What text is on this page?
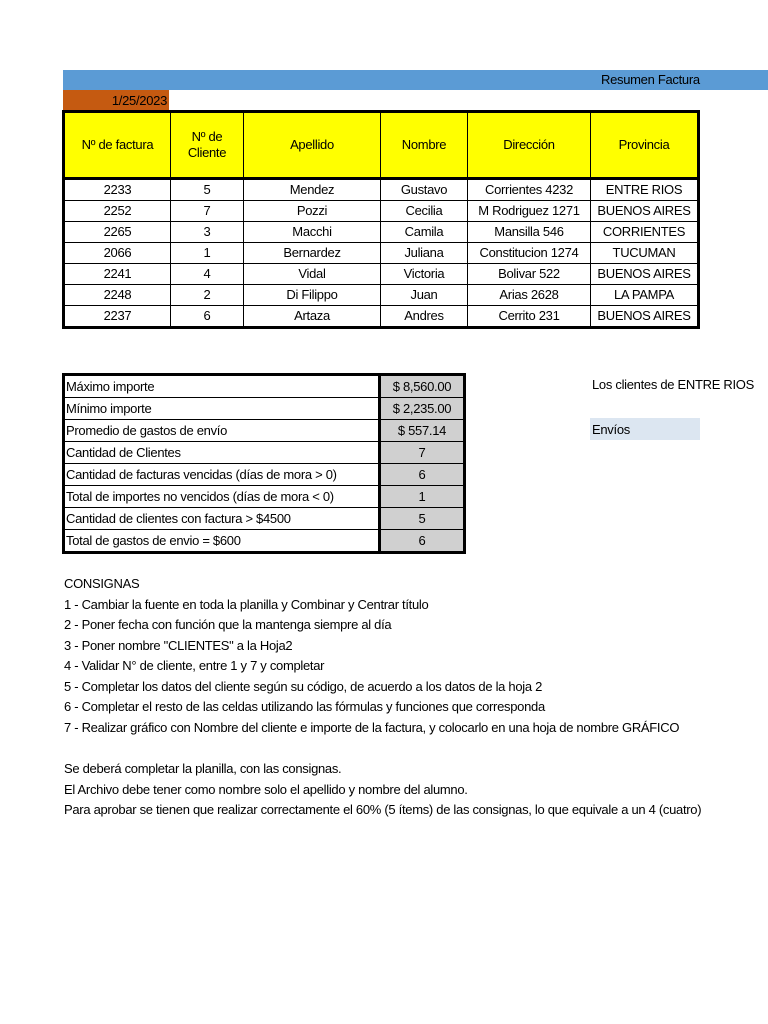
Resumen Factura
1/25/2023
Nº de factura	Nº de Cliente	Apellido	Nombre	Dirección	Provincia
2233	5	Mendez	Gustavo	Corrientes 4232	ENTRE RIOS
2252	7	Pozzi	Cecilia	M Rodriguez 1271	BUENOS AIRES
2265	3	Macchi	Camila	Mansilla 546	CORRIENTES
2066	1	Bernardez	Juliana	Constitucion 1274	TUCUMAN
2241	4	Vidal	Victoria	Bolivar 522	BUENOS AIRES
2248	2	Di Filippo	Juan	Arias 2628	LA PAMPA
2237	6	Artaza	Andres	Cerrito 231	BUENOS AIRES
Máximo importe	$ 8,560.00
Mínimo importe	$ 2,235.00
Promedio de gastos de envío	$ 557.14
Cantidad de Clientes	7
Cantidad de facturas vencidas (días de mora > 0)	6
Total de importes no vencidos (días de mora < 0)	1
Cantidad de clientes con factura > $4500	5
Total de gastos de envio = $600	6
Los clientes de ENTRE RIOS
Envíos
CONSIGNAS
1 - Cambiar la fuente en toda la planilla y Combinar y Centrar título
2 - Poner fecha con función que la mantenga siempre al día
3 - Poner nombre "CLIENTES" a la Hoja2
4 - Validar N° de cliente, entre 1 y 7 y completar
5 - Completar los datos del cliente según su código, de acuerdo a los datos de la hoja 2
6 - Completar el resto de las celdas utilizando las fórmulas y funciones que corresponda
7 - Realizar gráfico con Nombre del cliente e importe de la factura, y colocarlo en una hoja de nombre GRÁFICO
Se deberá completar la planilla, con las consignas.
El Archivo debe tener como nombre solo el apellido y nombre del alumno.
Para aprobar se tienen que realizar correctamente el 60% (5 ítems) de las consignas, lo que equivale a un 4 (cuatro)
